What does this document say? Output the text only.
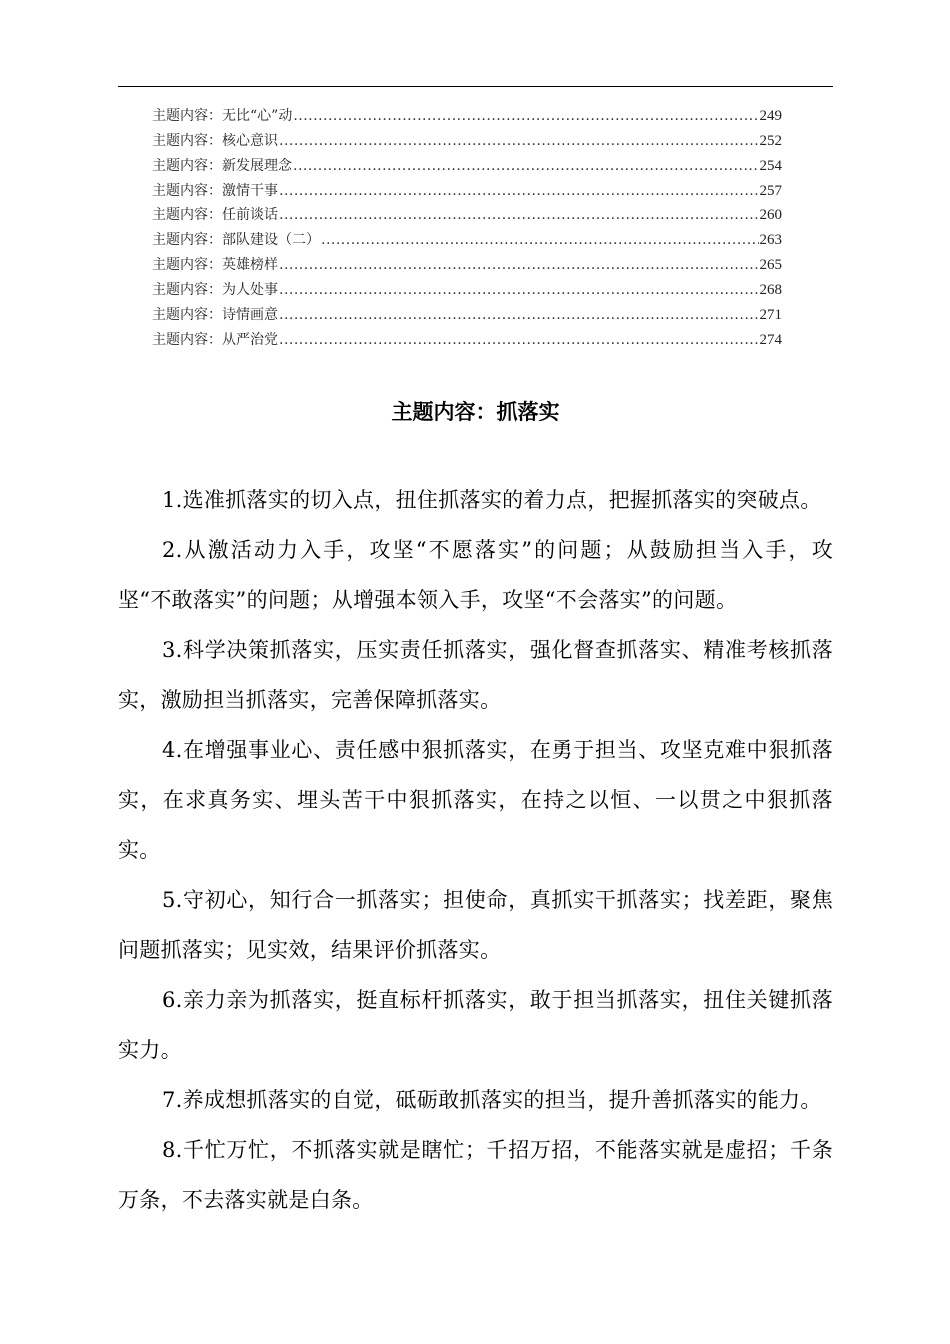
主题内容：无比“心”动 .....	249
主题内容：核心意识 .....	252
主题内容：新发展理念 .....	254
主题内容：激情干事 .....	257
主题内容：任前谈话 .....	260
主题内容：部队建设（二） .....	263
主题内容：英雄榜样 .....	265
主题内容：为人处事 .....	268
主题内容：诗情画意 .....	271
主题内容：从严治党 .....	274
主题内容：抓落实

1.选准抓落实的切入点，扭住抓落实的着力点，把握抓落实的突破点。

2.从激活动力入手，攻坚“不愿落实”的问题；从鼓励担当入手，攻坚“不敢落实”的问题；从增强本领入手，攻坚“不会落实”的问题。

3.科学决策抓落实，压实责任抓落实，强化督查抓落实、精准考核抓落实，激励担当抓落实，完善保障抓落实。

4.在增强事业心、责任感中狠抓落实，在勇于担当、攻坚克难中狠抓落实，在求真务实、埋头苦干中狠抓落实，在持之以恒、一以贯之中狠抓落实。

5.守初心，知行合一抓落实；担使命，真抓实干抓落实；找差距，聚焦问题抓落实；见实效，结果评价抓落实。

6.亲力亲为抓落实，挺直标杆抓落实，敢于担当抓落实，扭住关键抓落实力。

7.养成想抓落实的自觉，砥砺敢抓落实的担当，提升善抓落实的能力。

8.千忙万忙，不抓落实就是瞎忙；千招万招，不能落实就是虚招；千条万条，不去落实就是白条。
